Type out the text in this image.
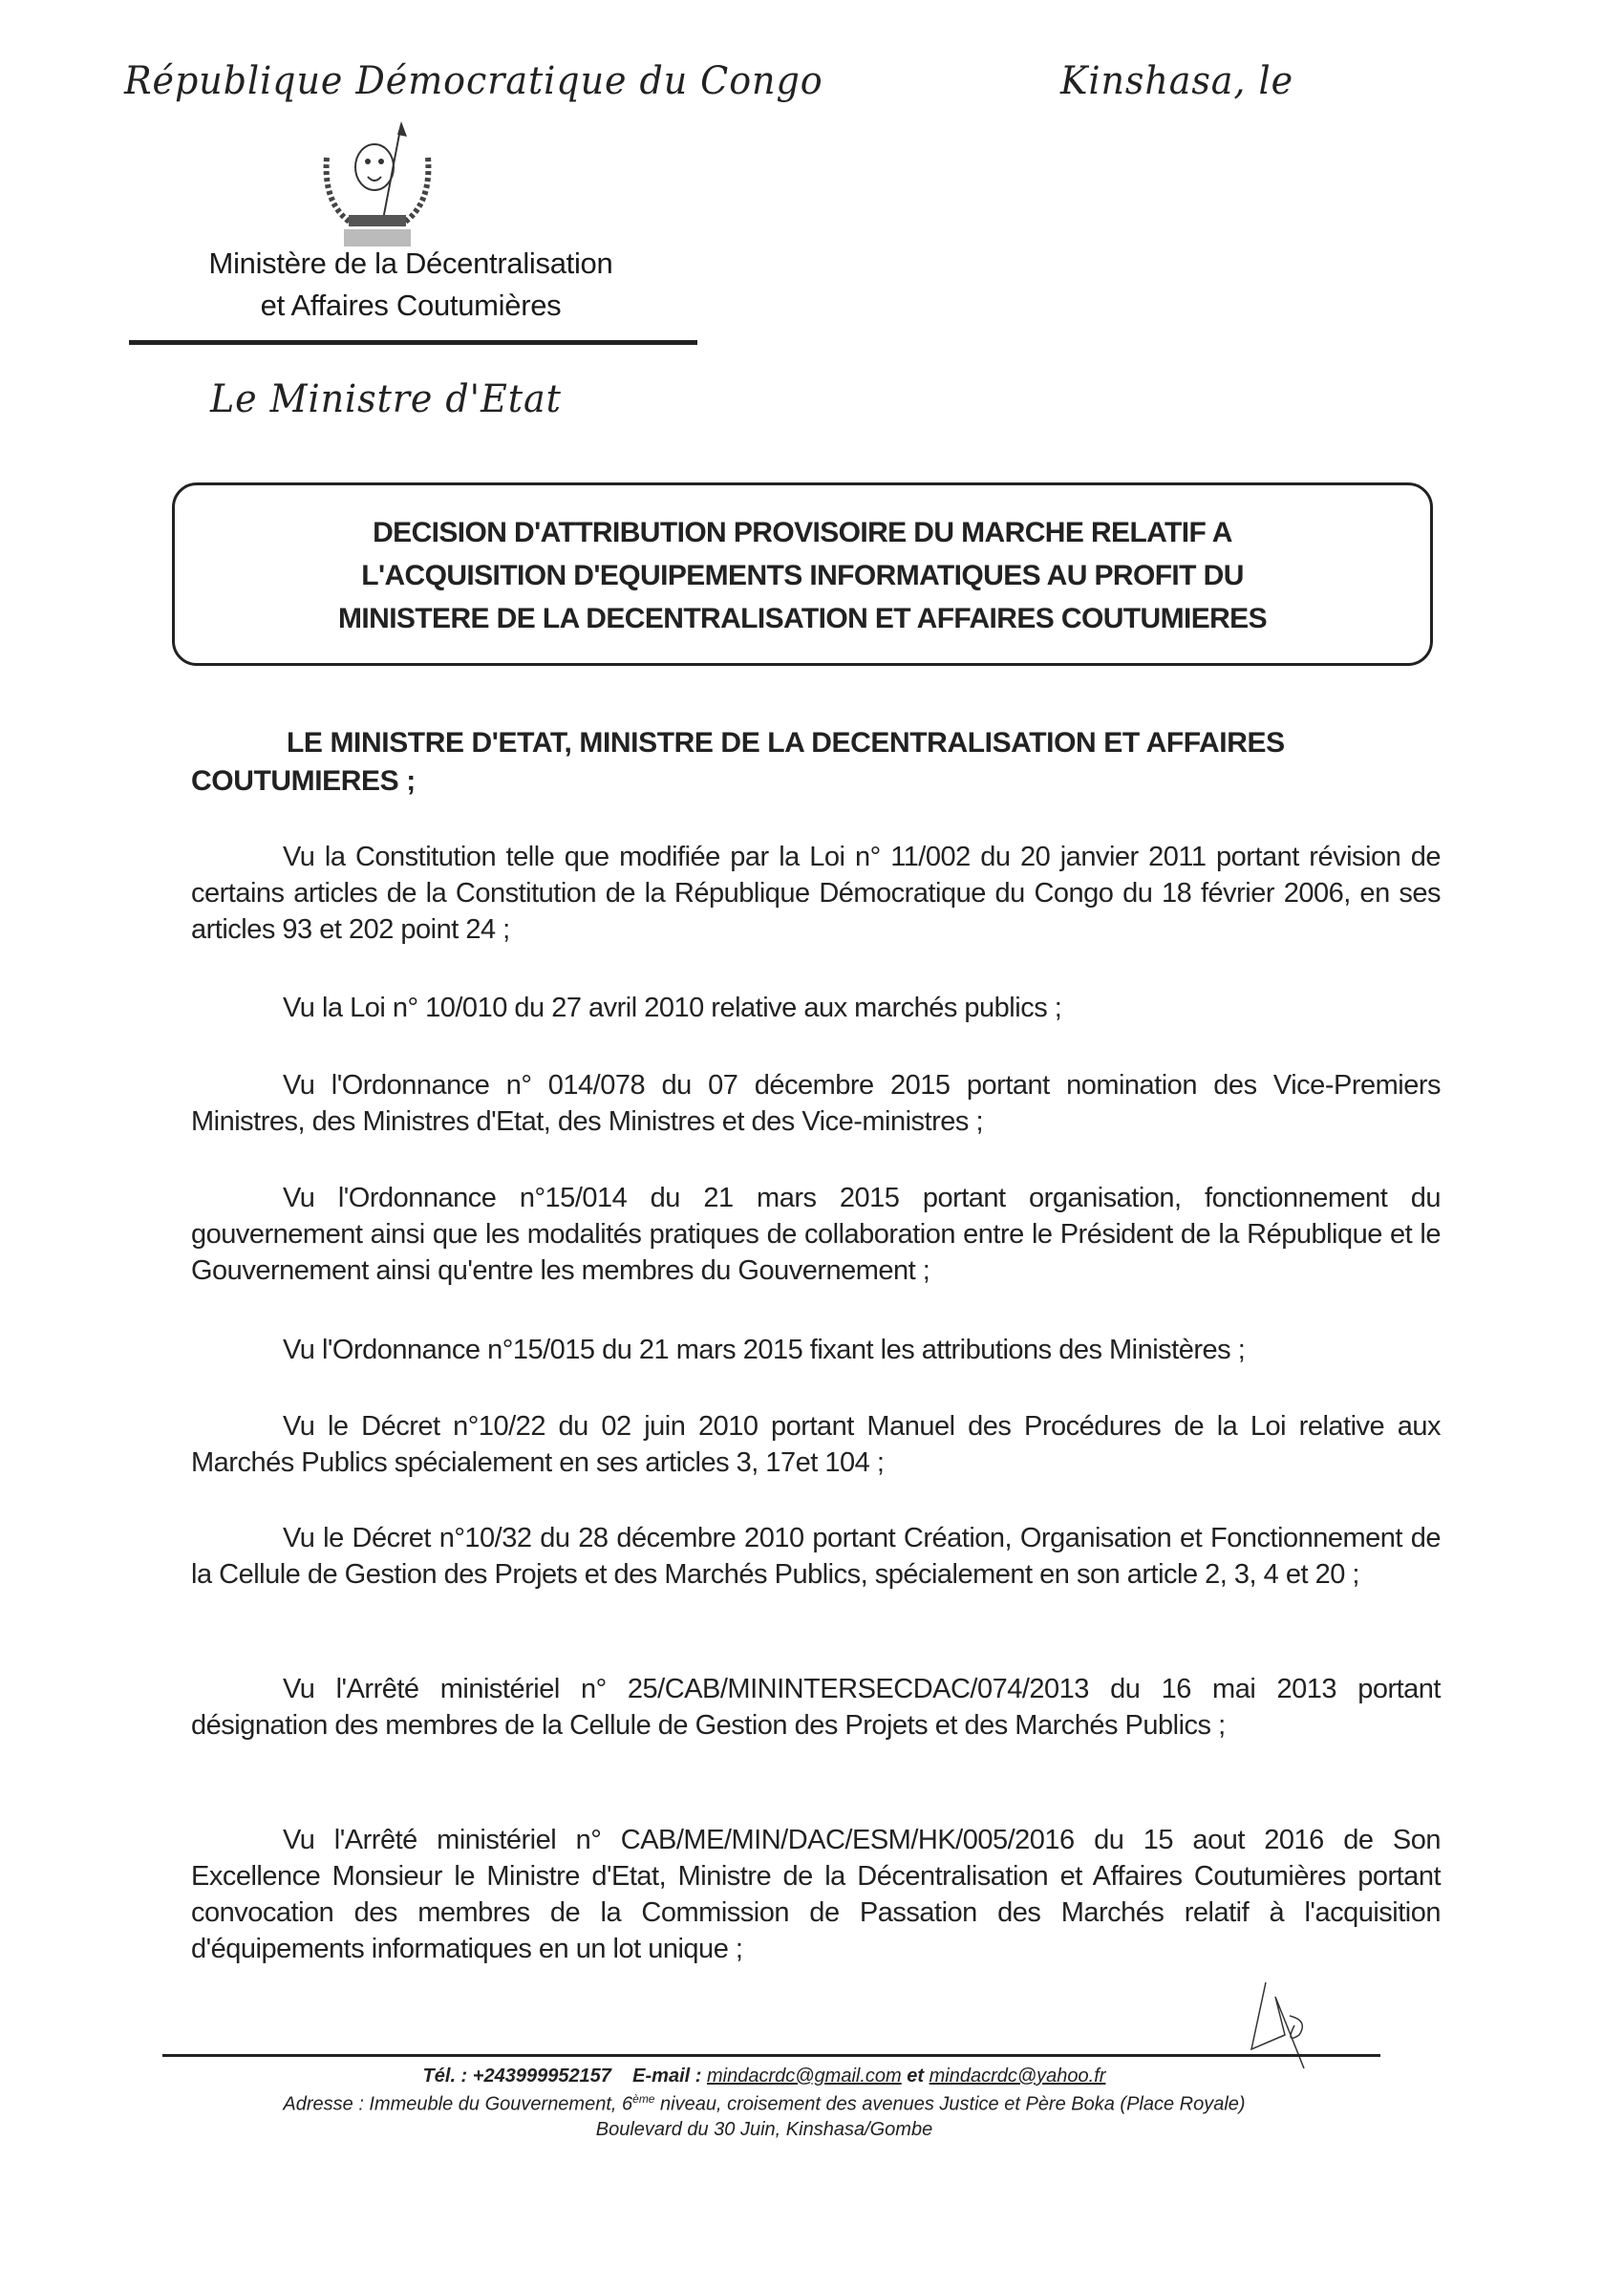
République Démocratique du Congo	Kinshasa, le
Ministère de la Décentralisation
et Affaires Coutumières
Le Ministre d'Etat
DECISION D'ATTRIBUTION PROVISOIRE DU MARCHE RELATIF A
L'ACQUISITION D'EQUIPEMENTS INFORMATIQUES AU PROFIT DU
MINISTERE DE LA DECENTRALISATION ET AFFAIRES COUTUMIERES
LE MINISTRE D'ETAT, MINISTRE DE LA DECENTRALISATION ET AFFAIRES COUTUMIERES ;
Vu la Constitution telle que modifiée par la Loi n° 11/002 du 20 janvier 2011 portant révision de certains articles de la Constitution de la République Démocratique du Congo du 18 février 2006, en ses articles 93 et 202 point 24 ;
Vu la Loi n° 10/010 du 27 avril 2010 relative aux marchés publics ;
Vu l'Ordonnance n° 014/078 du 07 décembre 2015 portant nomination des Vice-Premiers Ministres, des Ministres d'Etat, des Ministres et des Vice-ministres ;
Vu l'Ordonnance n°15/014 du 21 mars 2015 portant organisation, fonctionnement du gouvernement ainsi que les modalités pratiques de collaboration entre le Président de la République et le Gouvernement ainsi qu'entre les membres du Gouvernement ;
Vu l'Ordonnance n°15/015 du 21 mars 2015 fixant les attributions des Ministères ;
Vu le Décret n°10/22 du 02 juin 2010 portant Manuel des Procédures de la Loi relative aux Marchés Publics spécialement en ses articles 3, 17et 104 ;
Vu le Décret n°10/32 du 28 décembre 2010 portant Création, Organisation et Fonctionnement de la Cellule de Gestion des Projets et des Marchés Publics, spécialement en son article 2, 3, 4 et 20 ;
Vu l'Arrêté ministériel n° 25/CAB/MININTERSECDAC/074/2013 du 16 mai 2013 portant désignation des membres de la Cellule de Gestion des Projets et des Marchés Publics ;
Vu l'Arrêté ministériel n° CAB/ME/MIN/DAC/ESM/HK/005/2016 du 15 aout 2016 de Son Excellence Monsieur le Ministre d'Etat, Ministre de la Décentralisation et Affaires Coutumières portant convocation des membres de la Commission de Passation des Marchés relatif à l'acquisition d'équipements informatiques en un lot unique ;
Tél. : +243999952157 E-mail : mindacrdc@gmail.com et mindacrdc@yahoo.fr
Adresse : Immeuble du Gouvernement, 6ème niveau, croisement des avenues Justice et Père Boka (Place Royale)
Boulevard du 30 Juin, Kinshasa/Gombe
